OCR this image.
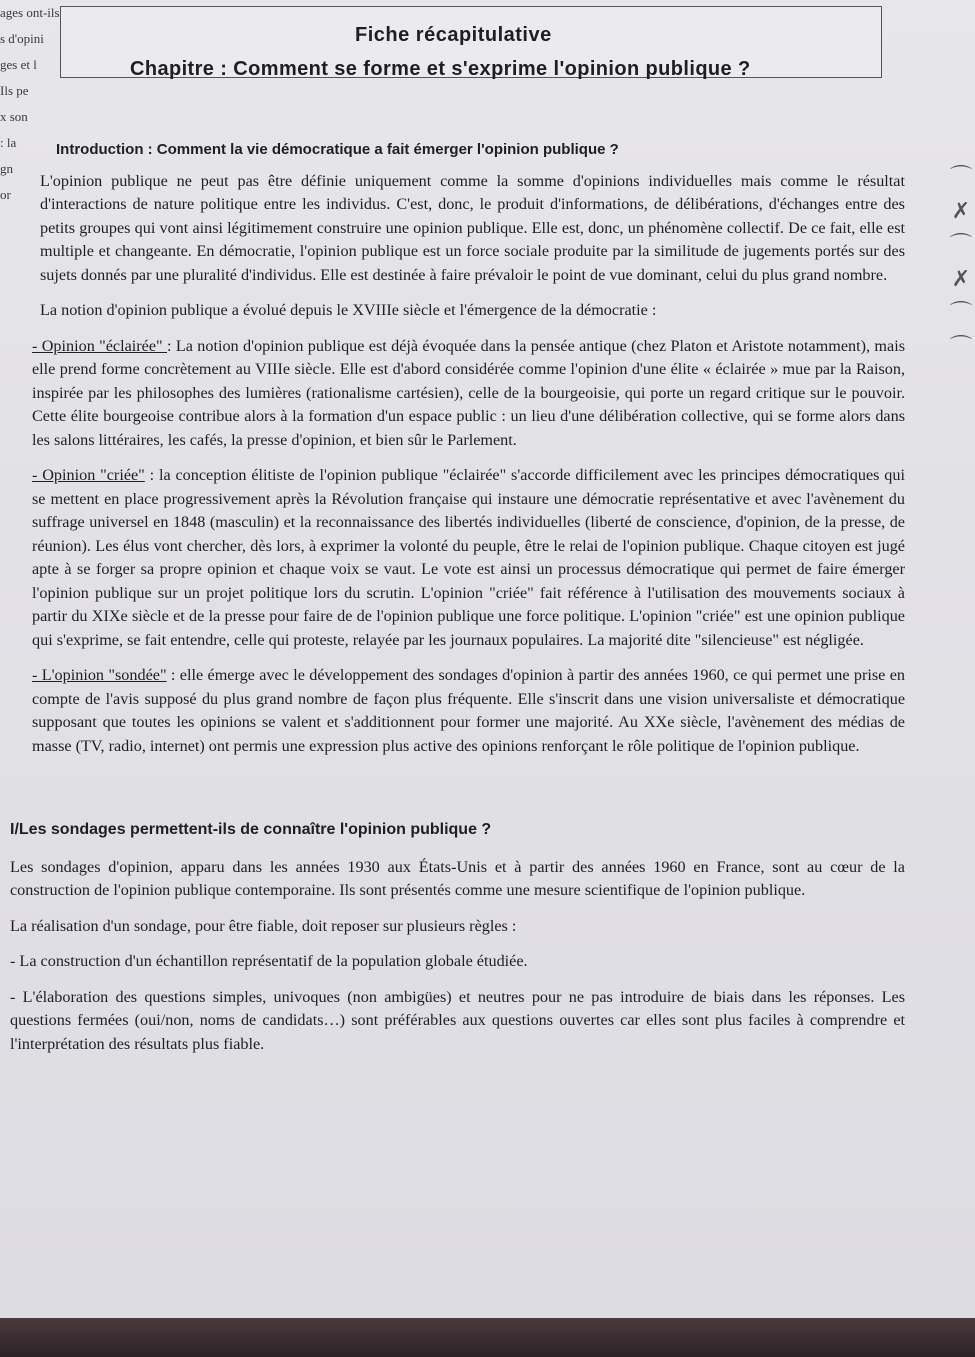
ages ont-ils
s d'opini
ges et l
Ils pe
x son
: la
gn
or
Fiche récapitulative
Chapitre : Comment se forme et s'exprime l'opinion publique ?
⌒
✗
⌒
✗
⌒
⌒
Introduction : Comment la vie démocratique a fait émerger l'opinion publique ?

L'opinion publique ne peut pas être définie uniquement comme la somme d'opinions individuelles mais comme le résultat d'interactions de nature politique entre les individus. C'est, donc, le produit d'informations, de délibérations, d'échanges entre des petits groupes qui vont ainsi légitimement construire une opinion publique. Elle est, donc, un phénomène collectif. De ce fait, elle est multiple et changeante. En démocratie, l'opinion publique est un force sociale produite par la similitude de jugements portés sur des sujets donnés par une pluralité d'individus. Elle est destinée à faire prévaloir le point de vue dominant, celui du plus grand nombre.

La notion d'opinion publique a évolué depuis le XVIIIe siècle et l'émergence de la démocratie :

- Opinion "éclairée" : La notion d'opinion publique est déjà évoquée dans la pensée antique (chez Platon et Aristote notamment), mais elle prend forme concrètement au VIIIe siècle. Elle est d'abord considérée comme l'opinion d'une élite « éclairée » mue par la Raison, inspirée par les philosophes des lumières (rationalisme cartésien), celle de la bourgeoisie, qui porte un regard critique sur le pouvoir. Cette élite bourgeoise contribue alors à la formation d'un espace public : un lieu d'une délibération collective, qui se forme alors dans les salons littéraires, les cafés, la presse d'opinion, et bien sûr le Parlement.

- Opinion "criée" : la conception élitiste de l'opinion publique "éclairée" s'accorde difficilement avec les principes démocratiques qui se mettent en place progressivement après la Révolution française qui instaure une démocratie représentative et avec l'avènement du suffrage universel en 1848 (masculin) et la reconnaissance des libertés individuelles (liberté de conscience, d'opinion, de la presse, de réunion). Les élus vont chercher, dès lors, à exprimer la volonté du peuple, être le relai de l'opinion publique. Chaque citoyen est jugé apte à se forger sa propre opinion et chaque voix se vaut. Le vote est ainsi un processus démocratique qui permet de faire émerger l'opinion publique sur un projet politique lors du scrutin. L'opinion "criée" fait référence à l'utilisation des mouvements sociaux à partir du XIXe siècle et de la presse pour faire de de l'opinion publique une force politique. L'opinion "criée" est une opinion publique qui s'exprime, se fait entendre, celle qui proteste, relayée par les journaux populaires. La majorité dite "silencieuse" est négligée.

- L'opinion "sondée" : elle émerge avec le développement des sondages d'opinion à partir des années 1960, ce qui permet une prise en compte de l'avis supposé du plus grand nombre de façon plus fréquente. Elle s'inscrit dans une vision universaliste et démocratique supposant que toutes les opinions se valent et s'additionnent pour former une majorité. Au XXe siècle, l'avènement des médias de masse (TV, radio, internet) ont permis une expression plus active des opinions renforçant le rôle politique de l'opinion publique.

I/Les sondages permettent-ils de connaître l'opinion publique ?

Les sondages d'opinion, apparu dans les années 1930 aux États-Unis et à partir des années 1960 en France, sont au cœur de la construction de l'opinion publique contemporaine. Ils sont présentés comme une mesure scientifique de l'opinion publique.

La réalisation d'un sondage, pour être fiable, doit reposer sur plusieurs règles :

- La construction d'un échantillon représentatif de la population globale étudiée.

- L'élaboration des questions simples, univoques (non ambigües) et neutres pour ne pas introduire de biais dans les réponses. Les questions fermées (oui/non, noms de candidats…) sont préférables aux questions ouvertes car elles sont plus faciles à comprendre et l'interprétation des résultats plus fiable.
